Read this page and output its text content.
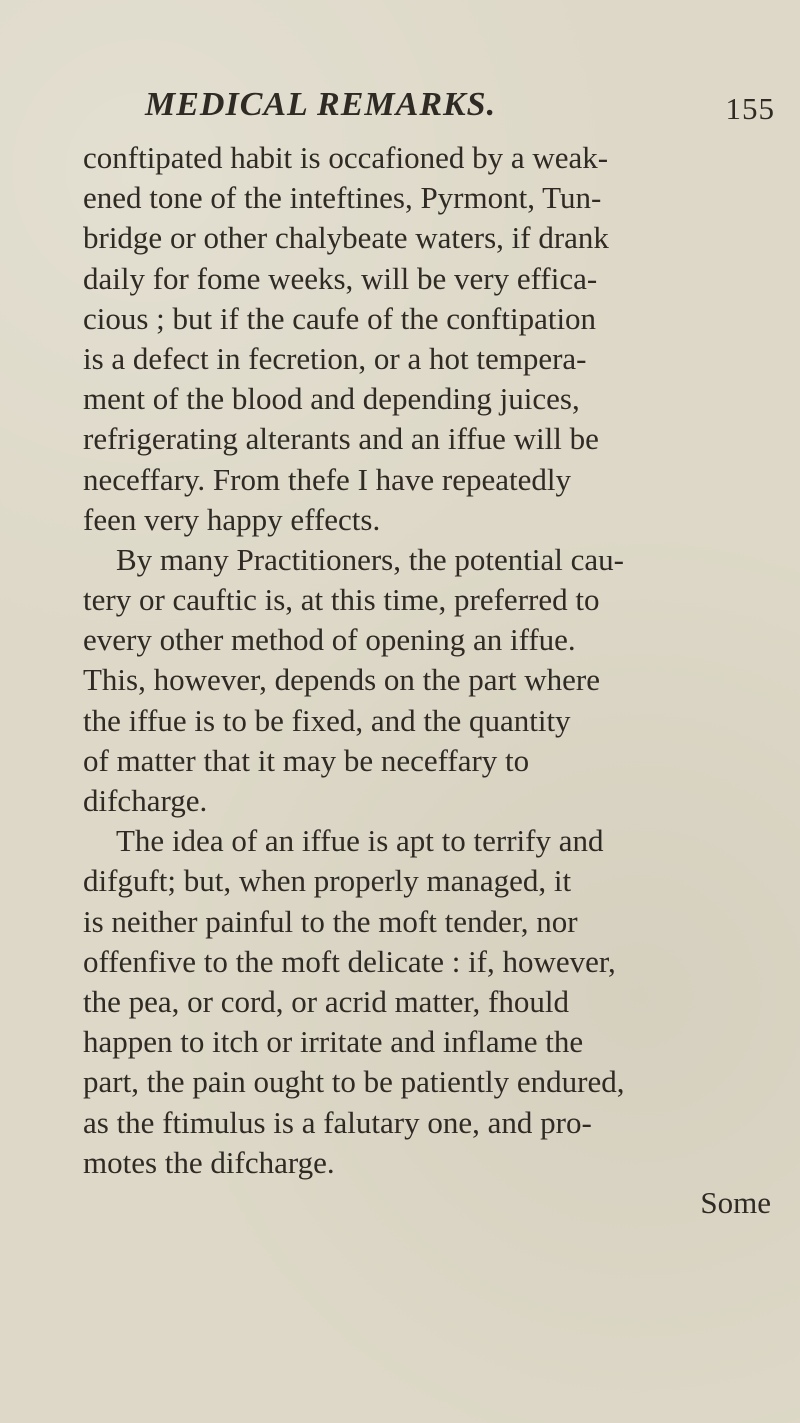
MEDICAL REMARKS.	155
conftipated habit is occafioned by a weak-
ened tone of the inteftines, Pyrmont, Tun-
bridge or other chalybeate waters, if drank
daily for fome weeks, will be very effica-
cious ; but if the caufe of the conftipation
is a defect in fecretion, or a hot tempera-
ment of the blood and depending juices,
refrigerating alterants and an iffue will be
neceffary. From thefe I have repeatedly
feen very happy effects.
By many Practitioners, the potential cau-
tery or cauftic is, at this time, preferred to
every other method of opening an iffue.
This, however, depends on the part where
the iffue is to be fixed, and the quantity
of matter that it may be neceffary to
difcharge.
The idea of an iffue is apt to terrify and
difguft; but, when properly managed, it
is neither painful to the moft tender, nor
offenfive to the moft delicate : if, however,
the pea, or cord, or acrid matter, fhould
happen to itch or irritate and inflame the
part, the pain ought to be patiently endured,
as the ftimulus is a falutary one, and pro-
motes the difcharge.
Some
